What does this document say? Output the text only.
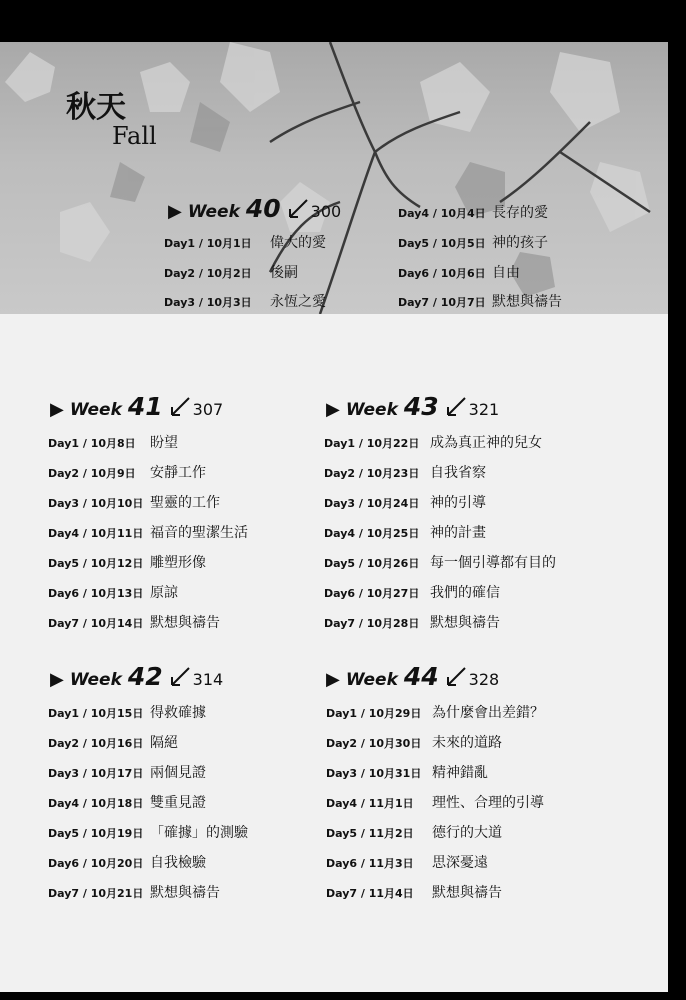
秋天
Fall
▶ Week 40 300
Day1 / 10月1日	偉大的愛
Day2 / 10月2日	後嗣
Day3 / 10月3日	永恆之愛
Day4 / 10月4日 長存的愛
Day5 / 10月5日 神的孩子
Day6 / 10月6日 自由
Day7 / 10月7日 默想與禱告
▶ Week 41 307
Day1 / 10月8日	盼望
Day2 / 10月9日	安靜工作
Day3 / 10月10日 聖靈的工作
Day4 / 10月11日 福音的聖潔生活
Day5 / 10月12日 雕塑形像
Day6 / 10月13日 原諒
Day7 / 10月14日 默想與禱告
▶ Week 42 314
Day1 / 10月15日 得救確據
Day2 / 10月16日 隔絕
Day3 / 10月17日 兩個見證
Day4 / 10月18日 雙重見證
Day5 / 10月19日 「確據」的測驗
Day6 / 10月20日 自我檢驗
Day7 / 10月21日 默想與禱告
▶ Week 43 321
Day1 / 10月22日 成為真正神的兒女
Day2 / 10月23日 自我省察
Day3 / 10月24日 神的引導
Day4 / 10月25日 神的計畫
Day5 / 10月26日 每一個引導都有目的
Day6 / 10月27日 我們的確信
Day7 / 10月28日 默想與禱告
▶ Week 44 328
Day1 / 10月29日 為什麼會出差錯？
Day2 / 10月30日 未來的道路
Day3 / 10月31日 精神錯亂
Day4 / 11月1日	理性、合理的引導
Day5 / 11月2日	德行的大道
Day6 / 11月3日	思深憂遠
Day7 / 11月4日	默想與禱告
